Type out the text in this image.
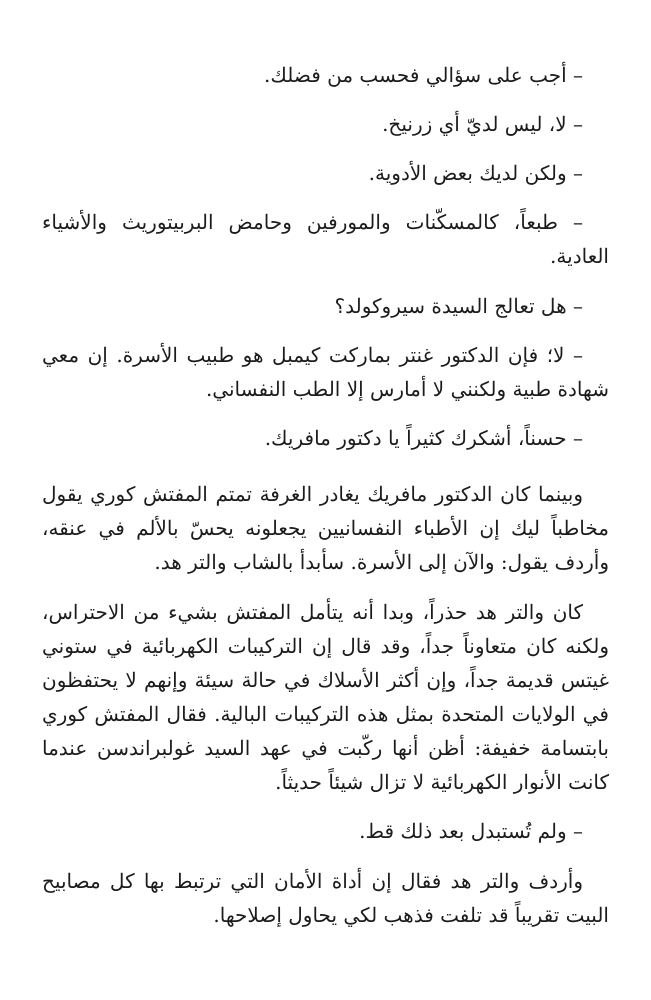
– أجب على سؤالي فحسب من فضلك.

– لا، ليس لديّ أي زرنيخ.

– ولكن لديك بعض الأدوية.

– طبعاً، كالمسكّنات والمورفين وحامض البربيتوريث والأشياء العادية.

– هل تعالج السيدة سيروكولد؟

– لا؛ فإن الدكتور غنتر بماركت كيمبل هو طبيب الأسرة. إن معي شهادة طبية ولكنني لا أمارس إلا الطب النفساني.

– حسناً، أشكرك كثيراً يا دكتور مافريك.

وبينما كان الدكتور مافريك يغادر الغرفة تمتم المفتش كوري يقول مخاطباً ليك إن الأطباء النفسانيين يجعلونه يحسّ بالألم في عنقه، وأردف يقول: والآن إلى الأسرة. سأبدأ بالشاب والتر هد.

كان والتر هد حذراً، وبدا أنه يتأمل المفتش بشيء من الاحتراس، ولكنه كان متعاوناً جداً، وقد قال إن التركيبات الكهربائية في ستوني غيتس قديمة جداً، وإن أكثر الأسلاك في حالة سيئة وإنهم لا يحتفظون في الولايات المتحدة بمثل هذه التركيبات البالية. فقال المفتش كوري بابتسامة خفيفة: أظن أنها ركّبت في عهد السيد غولبراندسن عندما كانت الأنوار الكهربائية لا تزال شيئاً حديثاً.

– ولم تُستبدل بعد ذلك قط.

وأردف والتر هد فقال إن أداة الأمان التي ترتبط بها كل مصابيح البيت تقريباً قد تلفت فذهب لكي يحاول إصلاحها.
